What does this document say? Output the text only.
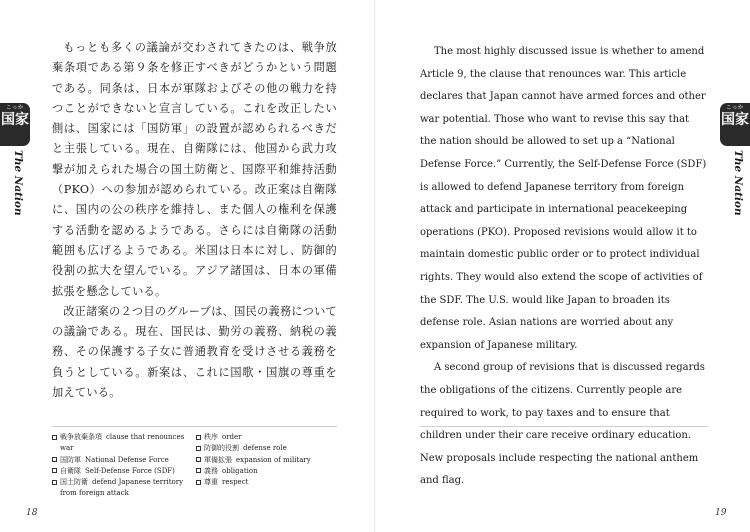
もっとも多くの議論が交わされてきたのは、戦争放棄条項である第９条を修正すべきがどうかという問題である。同条は、日本が軍隊およびその他の戦力を持つことができないと宣言している。これを改正したい側は、国家には「国防軍」の設置が認められるべきだと主張している。現在、自衛隊には、他国から武力攻撃が加えられた場合の国土防衛と、国際平和維持活動（PKO）への参加が認められている。改正案は自衛隊に、国内の公の秩序を維持し、また個人の権利を保護する活動を認めるようである。さらには自衛隊の活動範囲も広げるようである。米国は日本に対し、防御的役割の拡大を望んでいる。アジア諸国は、日本の軍備拡張を懸念している。

改正諸案の２つ目のグループは、国民の義務についての議論である。現在、国民は、勤労の義務、納税の義務、その保護する子女に普通教育を受けさせる義務を負うとしている。新案は、これに国歌・国旗の尊重を加えている。

戦争放棄条項 clause that renounces war
国防軍 National Defense Force
自衛隊 Self-Defense Force (SDF)
国土防衛 defend Japanese territory from foreign attack
秩序 order
防御的役割 defense role
軍備拡張 expansion of military
義務 obligation
尊重 respect
こっか
国家
The Nation
18
こっか
国家
The Nation
19

The most highly discussed issue is whether to amend Article 9, the clause that renounces war. This article declares that Japan cannot have armed forces and other war potential. Those who want to revise this say that the nation should be allowed to set up a “National Defense Force.” Currently, the Self-Defense Force (SDF) is allowed to defend Japanese territory from foreign attack and participate in international peacekeeping operations (PKO). Proposed revisions would allow it to maintain domestic public order or to protect individual rights. They would also extend the scope of activities of the SDF. The U.S. would like Japan to broaden its defense role. Asian nations are worried about any expansion of Japanese military.

A second group of revisions that is discussed regards the obligations of the citizens. Currently people are required to work, to pay taxes and to ensure that children under their care receive ordinary education. New proposals include respecting the national anthem and flag.
